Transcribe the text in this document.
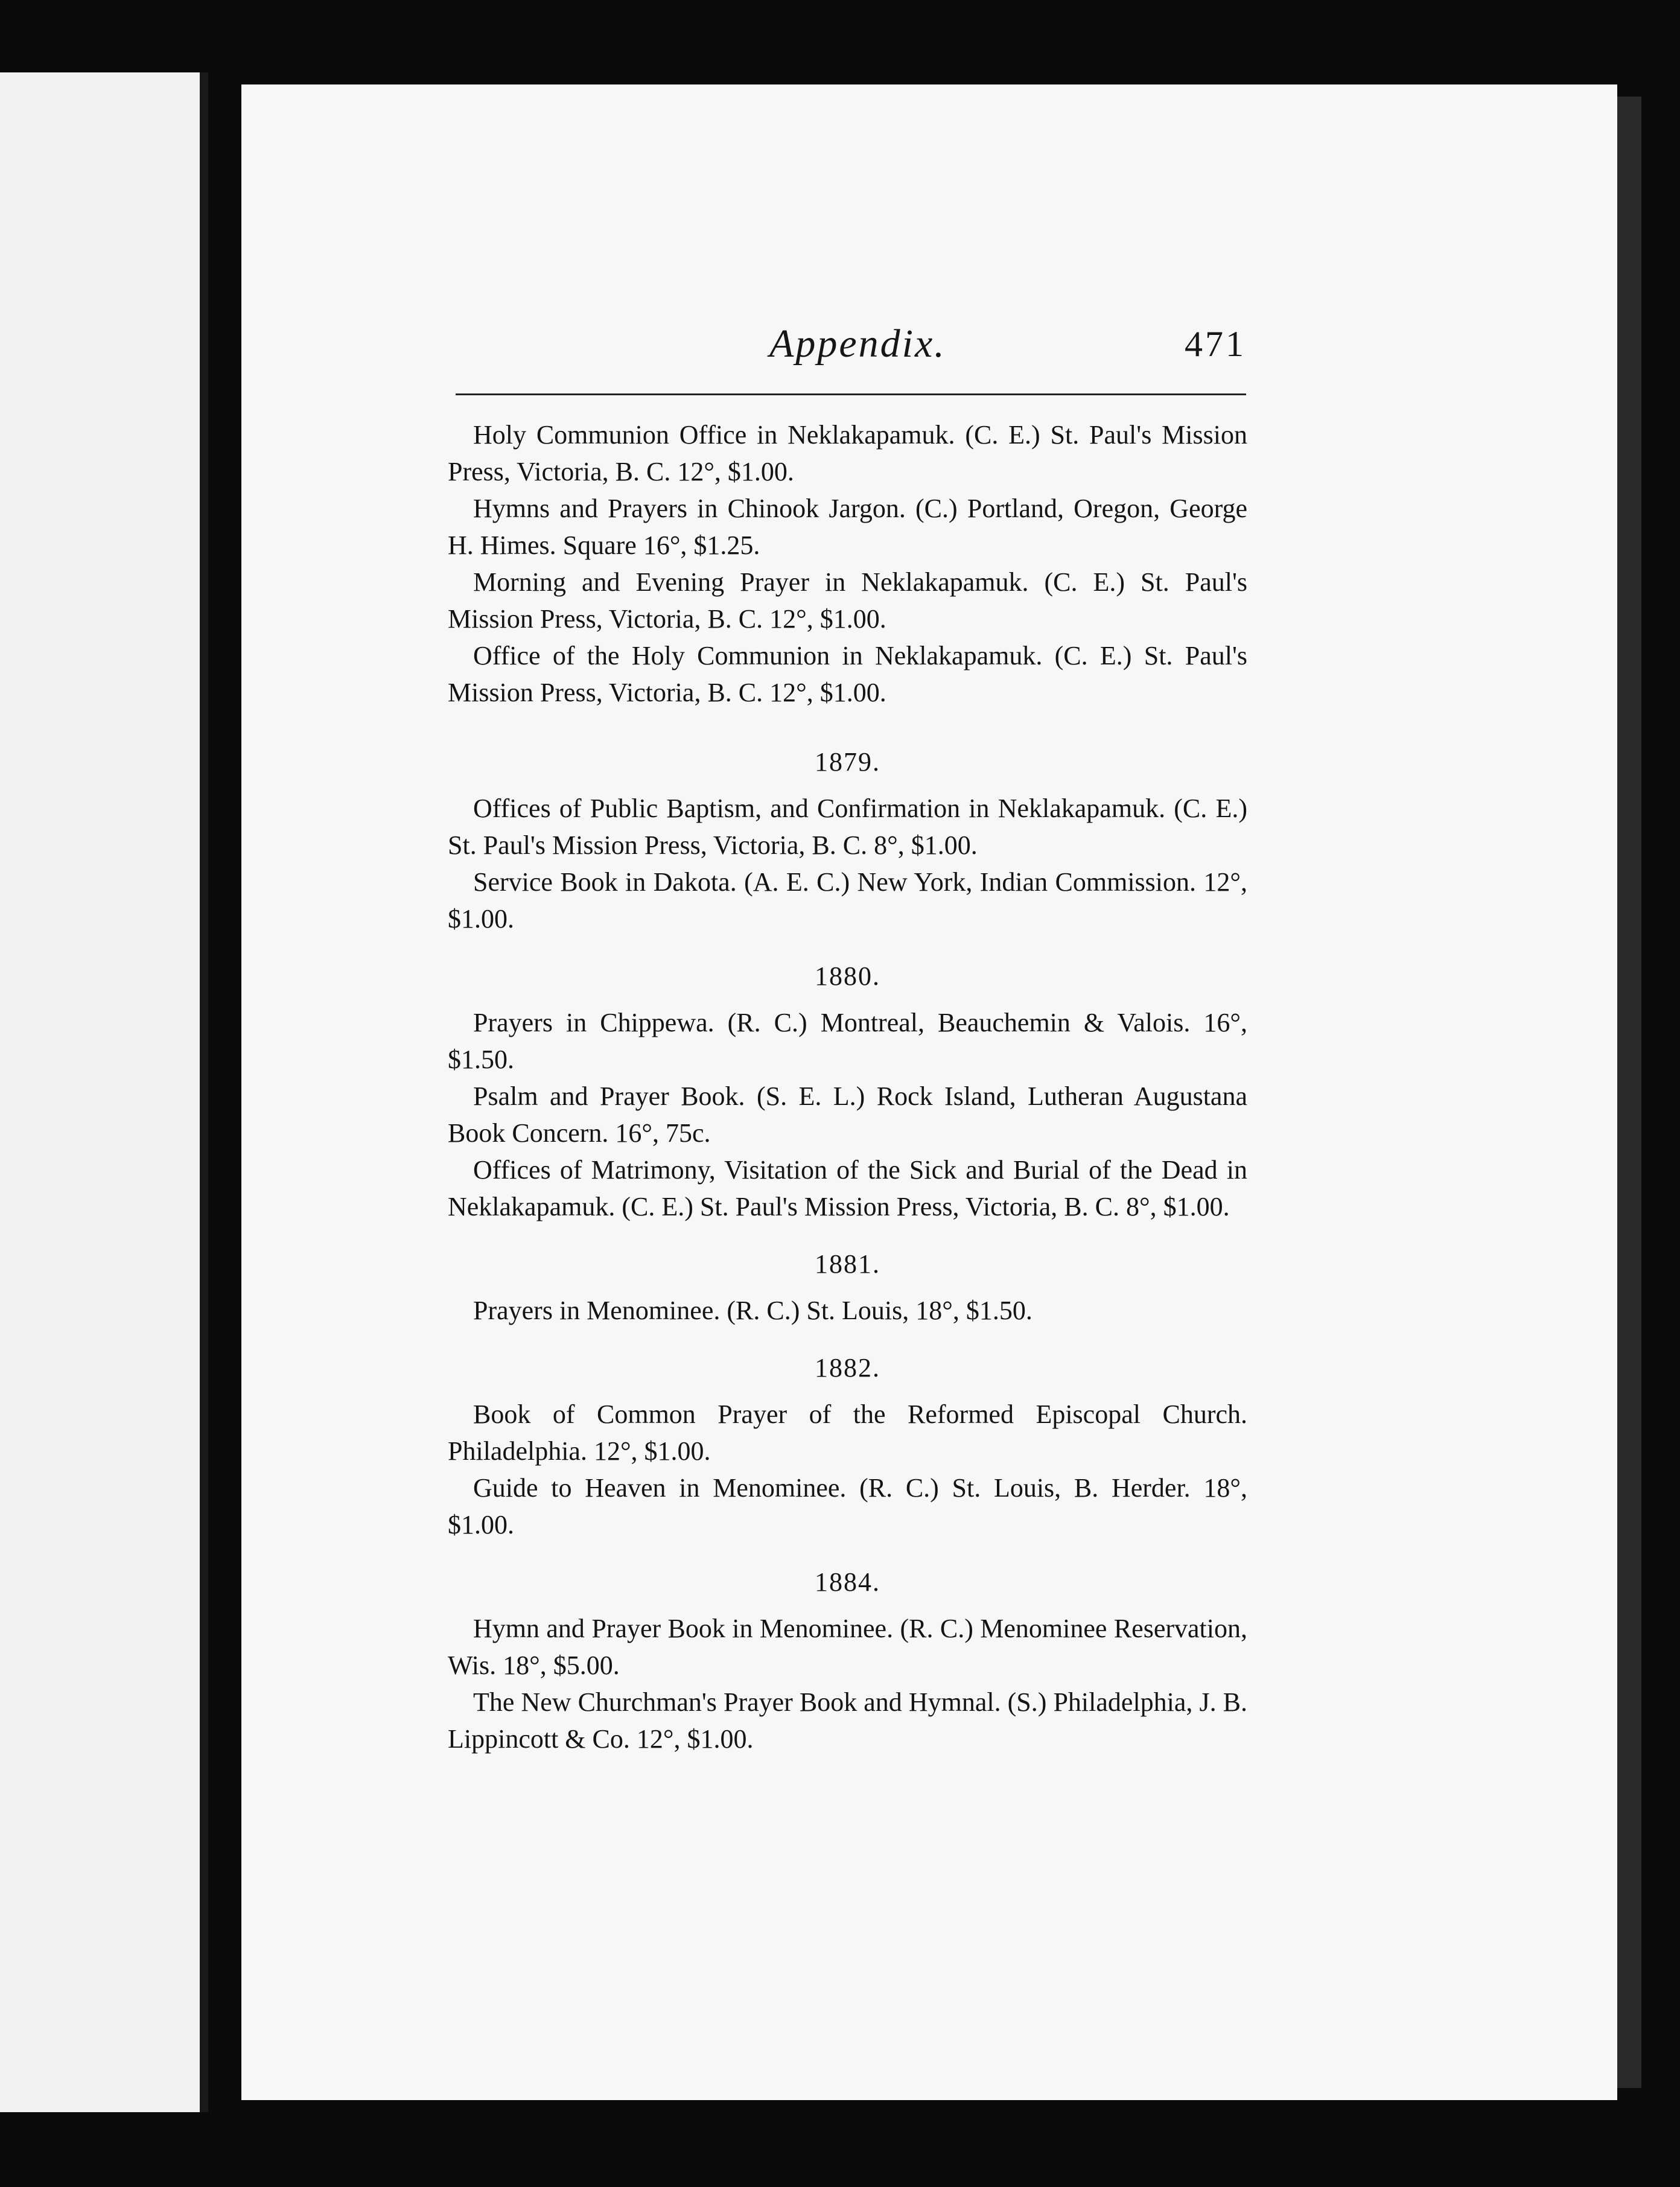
Appendix.	471

Holy Communion Office in Neklakapamuk. (C. E.) St. Paul's Mission Press, Victoria, B. C. 12°, $1.00.

Hymns and Prayers in Chinook Jargon. (C.) Portland, Oregon, George H. Himes. Square 16°, $1.25.

Morning and Evening Prayer in Neklakapamuk. (C. E.) St. Paul's Mission Press, Victoria, B. C. 12°, $1.00.

Office of the Holy Communion in Neklakapamuk. (C. E.) St. Paul's Mission Press, Victoria, B. C. 12°, $1.00.

1879.

Offices of Public Baptism, and Confirmation in Neklakapamuk. (C. E.) St. Paul's Mission Press, Victoria, B. C. 8°, $1.00.

Service Book in Dakota. (A. E. C.) New York, Indian Commission. 12°, $1.00.

1880.

Prayers in Chippewa. (R. C.) Montreal, Beauchemin & Valois. 16°, $1.50.

Psalm and Prayer Book. (S. E. L.) Rock Island, Lutheran Augustana Book Concern. 16°, 75c.

Offices of Matrimony, Visitation of the Sick and Burial of the Dead in Neklakapamuk. (C. E.) St. Paul's Mission Press, Victoria, B. C. 8°, $1.00.

1881.

Prayers in Menominee. (R. C.) St. Louis, 18°, $1.50.

1882.

Book of Common Prayer of the Reformed Episcopal Church. Philadelphia. 12°, $1.00.

Guide to Heaven in Menominee. (R. C.) St. Louis, B. Herder. 18°, $1.00.

1884.

Hymn and Prayer Book in Menominee. (R. C.) Menominee Reservation, Wis. 18°, $5.00.

The New Churchman's Prayer Book and Hymnal. (S.) Philadelphia, J. B. Lippincott & Co. 12°, $1.00.
